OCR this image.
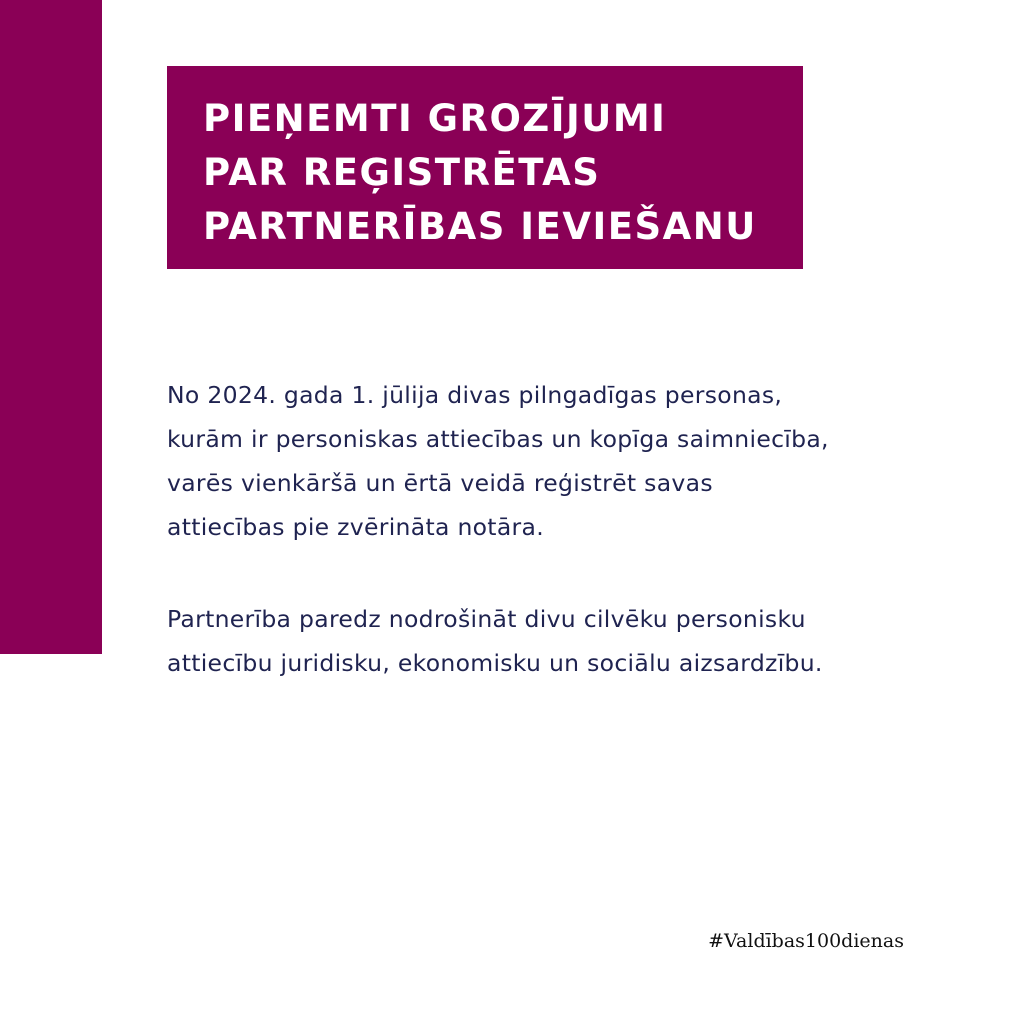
PIEŅEMTI GROZĪJUMI
PAR REĢISTRĒTAS
PARTNERĪBAS IEVIEŠANU
No 2024. gada 1. jūlija divas pilngadīgas personas,
kurām ir personiskas attiecības un kopīga saimniecība,
varēs vienkāršā un ērtā veidā reģistrēt savas
attiecības pie zvērināta notāra.
Partnerība paredz nodrošināt divu cilvēku personisku
attiecību juridisku, ekonomisku un sociālu aizsardzību.
#Valdības100dienas
